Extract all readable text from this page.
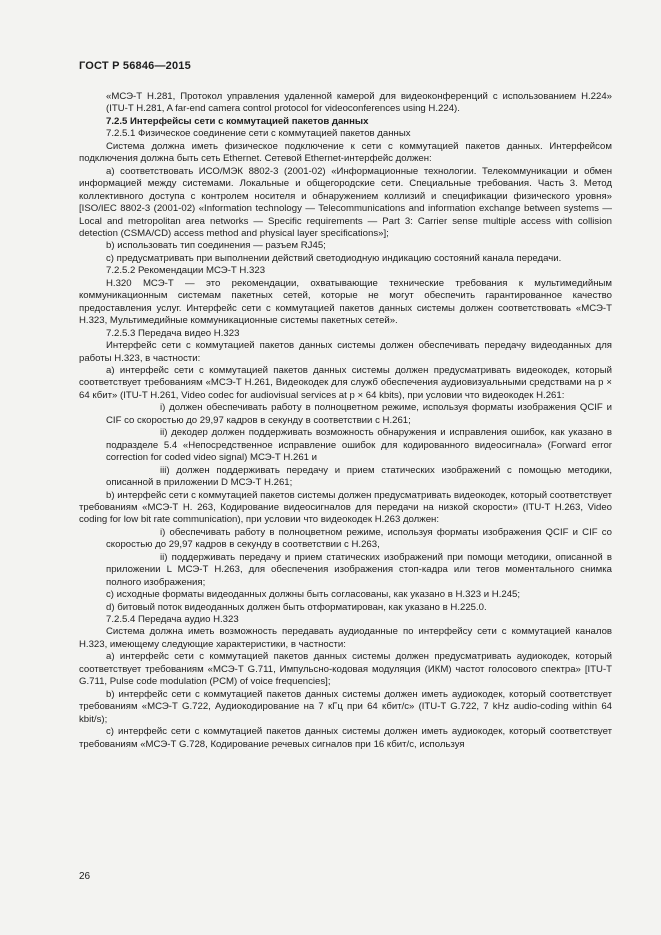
ГОСТ Р 56846—2015

«МСЭ-Т H.281, Протокол управления удаленной камерой для видеоконференций с использованием H.224» (ITU-T H.281, A far-end camera control protocol for videoconferences using H.224).

7.2.5 Интерфейсы сети с коммутацией пакетов данных

7.2.5.1 Физическое соединение сети с коммутацией пакетов данных

Система должна иметь физическое подключение к сети с коммутацией пакетов данных. Интерфейсом подключения должна быть сеть Ethernet. Сетевой Ethernet-интерфейс должен:

a) соответствовать ИСО/МЭК 8802-3 (2001-02) «Информационные технологии. Телекоммуникации и обмен информацией между системами. Локальные и общегородские сети. Специальные требования. Часть 3. Метод коллективного доступа с контролем носителя и обнаружением коллизий и спецификации физического уровня» [ISO/IEC 8802-3 (2001-02) «Information technology — Telecommunications and information exchange between systems — Local and metropolitan area networks — Specific requirements — Part 3: Carrier sense multiple access with collision detection (CSMA/CD) access method and physical layer specifications»];

b) использовать тип соединения — разъем RJ45;

c) предусматривать при выполнении действий светодиодную индикацию состояний канала передачи.

7.2.5.2 Рекомендации МСЭ-Т H.323

H.320 МСЭ-Т — это рекомендации, охватывающие технические требования к мультимедийным коммуникационным системам пакетных сетей, которые не могут обеспечить гарантированное качество предоставления услуг. Интерфейс сети с коммутацией пакетов данных системы должен соответствовать «МСЭ-Т H.323, Мультимедийные коммуникационные системы пакетных сетей».

7.2.5.3 Передача видео H.323

Интерфейс сети с коммутацией пакетов данных системы должен обеспечивать передачу видеоданных для работы H.323, в частности:

a) интерфейс сети с коммутацией пакетов данных системы должен предусматривать видеокодек, который соответствует требованиям «МСЭ-Т H.261, Видеокодек для служб обеспечения аудиовизуальными средствами на p × 64 кбит» (ITU-T H.261, Video codec for audiovisual services at p × 64 kbits), при условии что видеокодек H.261:

i) должен обеспечивать работу в полноцветном режиме, используя форматы изображения QCIF и CIF со скоростью до 29,97 кадров в секунду в соответствии с H.261;

ii) декодер должен поддерживать возможность обнаружения и исправления ошибок, как указано в подразделе 5.4 «Непосредственное исправление ошибок для кодированного видеосигнала» (Forward error correction for coded video signal) МСЭ-Т H.261 и

iii) должен поддерживать передачу и прием статических изображений с помощью методики, описанной в приложении D МСЭ-Т H.261;

b) интерфейс сети с коммутацией пакетов системы должен предусматривать видеокодек, который соответствует требованиям «МСЭ-Т H. 263, Кодирование видеосигналов для передачи на низкой скорости» (ITU-T H.263, Video coding for low bit rate communication), при условии что видеокодек H.263 должен:

i) обеспечивать работу в полноцветном режиме, используя форматы изображения QCIF и CIF со скоростью до 29,97 кадров в секунду в соответствии с H.263,

ii) поддерживать передачу и прием статических изображений при помощи методики, описанной в приложении L МСЭ-Т H.263, для обеспечения изображения стоп-кадра или тегов моментального снимка полного изображения;

c) исходные форматы видеоданных должны быть согласованы, как указано в H.323 и H.245;

d) битовый поток видеоданных должен быть отформатирован, как указано в H.225.0.

7.2.5.4 Передача аудио H.323

Система должна иметь возможность передавать аудиоданные по интерфейсу сети с коммутацией каналов H.323, имеющему следующие характеристики, в частности:

a) интерфейс сети с коммутацией пакетов данных системы должен предусматривать аудиокодек, который соответствует требованиям «МСЭ-Т G.711, Импульсно-кодовая модуляция (ИКМ) частот голосового спектра» [ITU-T G.711, Pulse code modulation (PCM) of voice frequencies];

b) интерфейс сети с коммутацией пакетов данных системы должен иметь аудиокодек, который соответствует требованиям «МСЭ-Т G.722, Аудиокодирование на 7 кГц при 64 кбит/с» (ITU-T G.722, 7 kHz audio-coding within 64 kbit/s);

c) интерфейс сети с коммутацией пакетов данных системы должен иметь аудиокодек, который соответствует требованиям «МСЭ-Т G.728, Кодирование речевых сигналов при 16 кбит/с, используя

26
